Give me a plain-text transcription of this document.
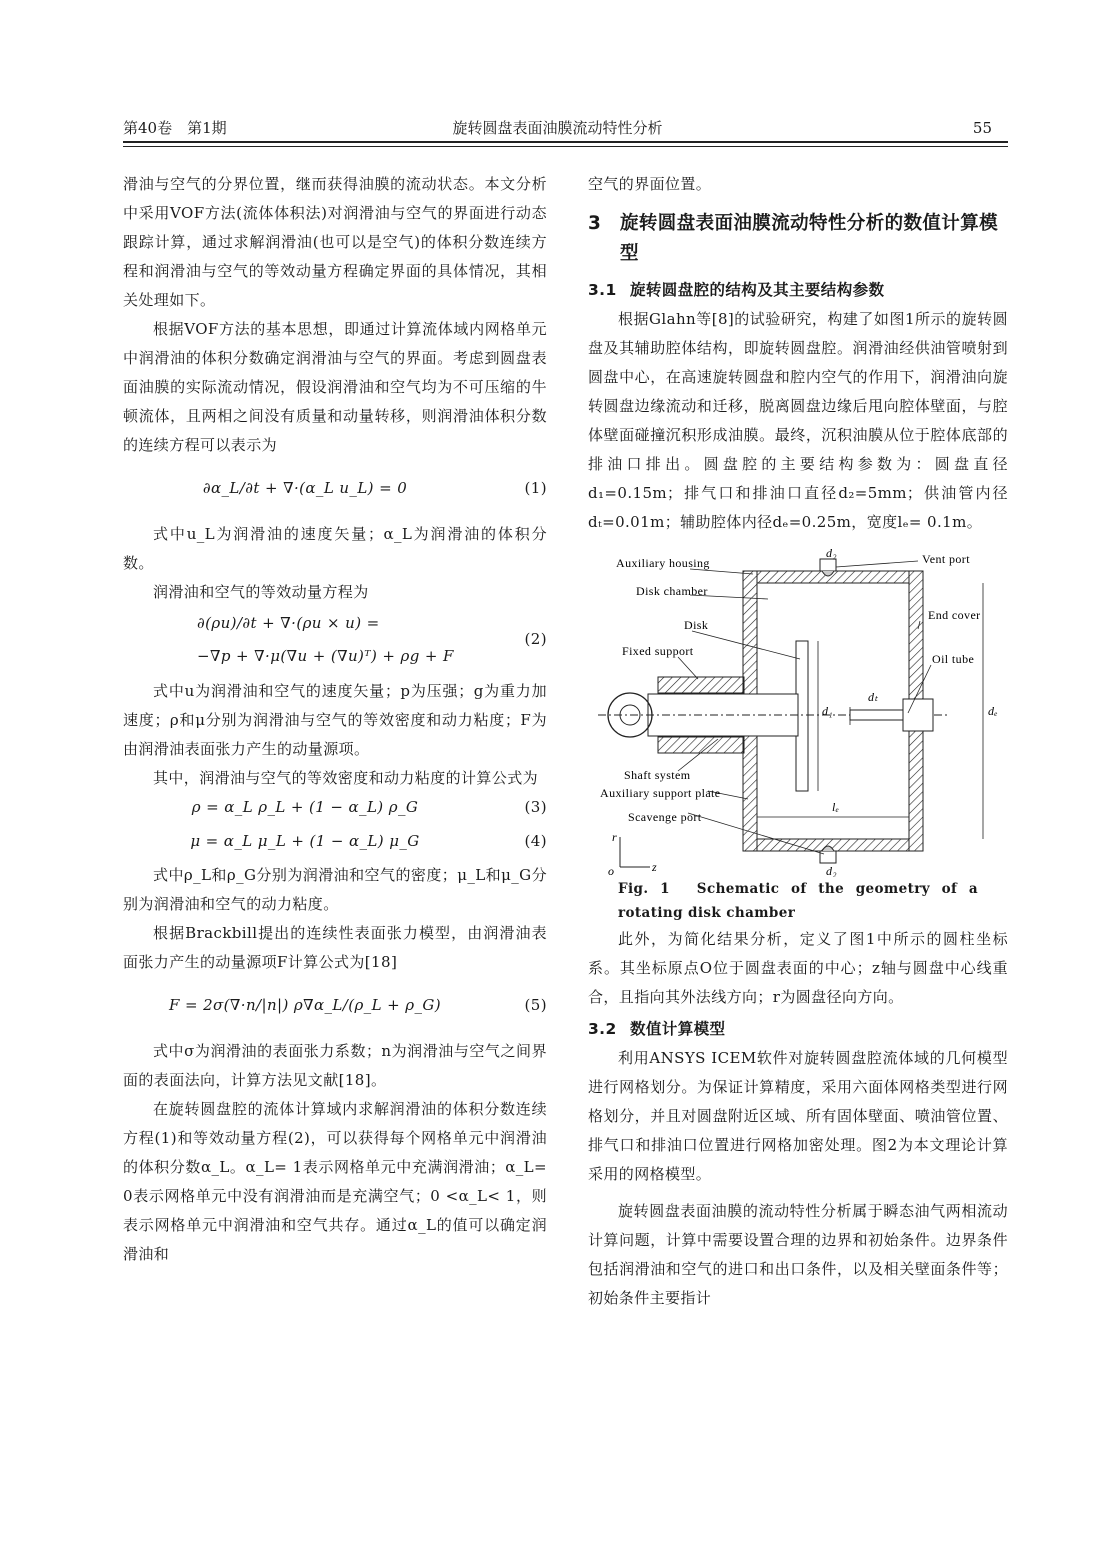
第40卷　第1期	旋转圆盘表面油膜流动特性分析	55

滑油与空气的分界位置，继而获得油膜的流动状态。本文分析中采用VOF方法(流体体积法)对润滑油与空气的界面进行动态跟踪计算，通过求解润滑油(也可以是空气)的体积分数连续方程和润滑油与空气的等效动量方程确定界面的具体情况，其相关处理如下。

根据VOF方法的基本思想，即通过计算流体域内网格单元中润滑油的体积分数确定润滑油与空气的界面。考虑到圆盘表面油膜的实际流动情况，假设润滑油和空气均为不可压缩的牛顿流体，且两相之间没有质量和动量转移，则润滑油体积分数的连续方程可以表示为

∂α_L/∂t + ∇·(α_L u_L) = 0	(1)

式中u_L为润滑油的速度矢量；α_L为润滑油的体积分数。

润滑油和空气的等效动量方程为

∂(ρu)/∂t + ∇·(ρu × u) =
−∇p + ∇·μ(∇u + (∇u)ᵀ) + ρg + F
(2)

式中u为润滑油和空气的速度矢量；p为压强；g为重力加速度；ρ和μ分别为润滑油与空气的等效密度和动力粘度；F为由润滑油表面张力产生的动量源项。

其中，润滑油与空气的等效密度和动力粘度的计算公式为

ρ = α_L ρ_L + (1 − α_L) ρ_G	(3)
μ = α_L μ_L + (1 − α_L) μ_G	(4)

式中ρ_L和ρ_G分别为润滑油和空气的密度；μ_L和μ_G分别为润滑油和空气的动力粘度。

根据Brackbill提出的连续性表面张力模型，由润滑油表面张力产生的动量源项F计算公式为[18]

F = 2σ(∇·n/|n|) ρ∇α_L/(ρ_L + ρ_G)	(5)

式中σ为润滑油的表面张力系数；n为润滑油与空气之间界面的表面法向，计算方法见文献[18]。

在旋转圆盘腔的流体计算域内求解润滑油的体积分数连续方程(1)和等效动量方程(2)，可以获得每个网格单元中润滑油的体积分数α_L。α_L= 1表示网格单元中充满润滑油；α_L= 0表示网格单元中没有润滑油而是充满空气；0 <α_L< 1，则表示网格单元中润滑油和空气共存。通过α_L的值可以确定润滑油和

空气的界面位置。

3 旋转圆盘表面油膜流动特性分析的数值计算模型
3.1 旋转圆盘腔的结构及其主要结构参数

根据Glahn等[8]的试验研究，构建了如图1所示的旋转圆盘及其辅助腔体结构，即旋转圆盘腔。润滑油经供油管喷射到圆盘中心，在高速旋转圆盘和腔内空气的作用下，润滑油向旋转圆盘边缘流动和迁移，脱离圆盘边缘后甩向腔体壁面，与腔体壁面碰撞沉积形成油膜。最终，沉积油膜从位于腔体底部的排油口排出。圆盘腔的主要结构参数为：圆盘直径d₁=0.15m；排气口和排油口直径d₂=5mm；供油管内径dₜ=0.01m；辅助腔体内径dₑ=0.25m，宽度lₑ= 0.1m。

Auxiliary housing	Vent port
Disk chamber
End cover
Disk
Oil tube
Fixed support
Shaft system
Auxiliary support plate
Scavenge port
d₂
d₂
d₁
dₜ
dₑ
lₑ
r
z
o

Fig. 1　Schematic of the geometry of a rotating disk chamber

此外，为简化结果分析，定义了图1中所示的圆柱坐标系。其坐标原点O位于圆盘表面的中心；z轴与圆盘中心线重合，且指向其外法线方向；r为圆盘径向方向。

3.2 数值计算模型

利用ANSYS ICEM软件对旋转圆盘腔流体域的几何模型进行网格划分。为保证计算精度，采用六面体网格类型进行网格划分，并且对圆盘附近区域、所有固体壁面、喷油管位置、排气口和排油口位置进行网格加密处理。图2为本文理论计算采用的网格模型。

旋转圆盘表面油膜的流动特性分析属于瞬态油气两相流动计算问题，计算中需要设置合理的边界和初始条件。边界条件包括润滑油和空气的进口和出口条件，以及相关壁面条件等；初始条件主要指计
